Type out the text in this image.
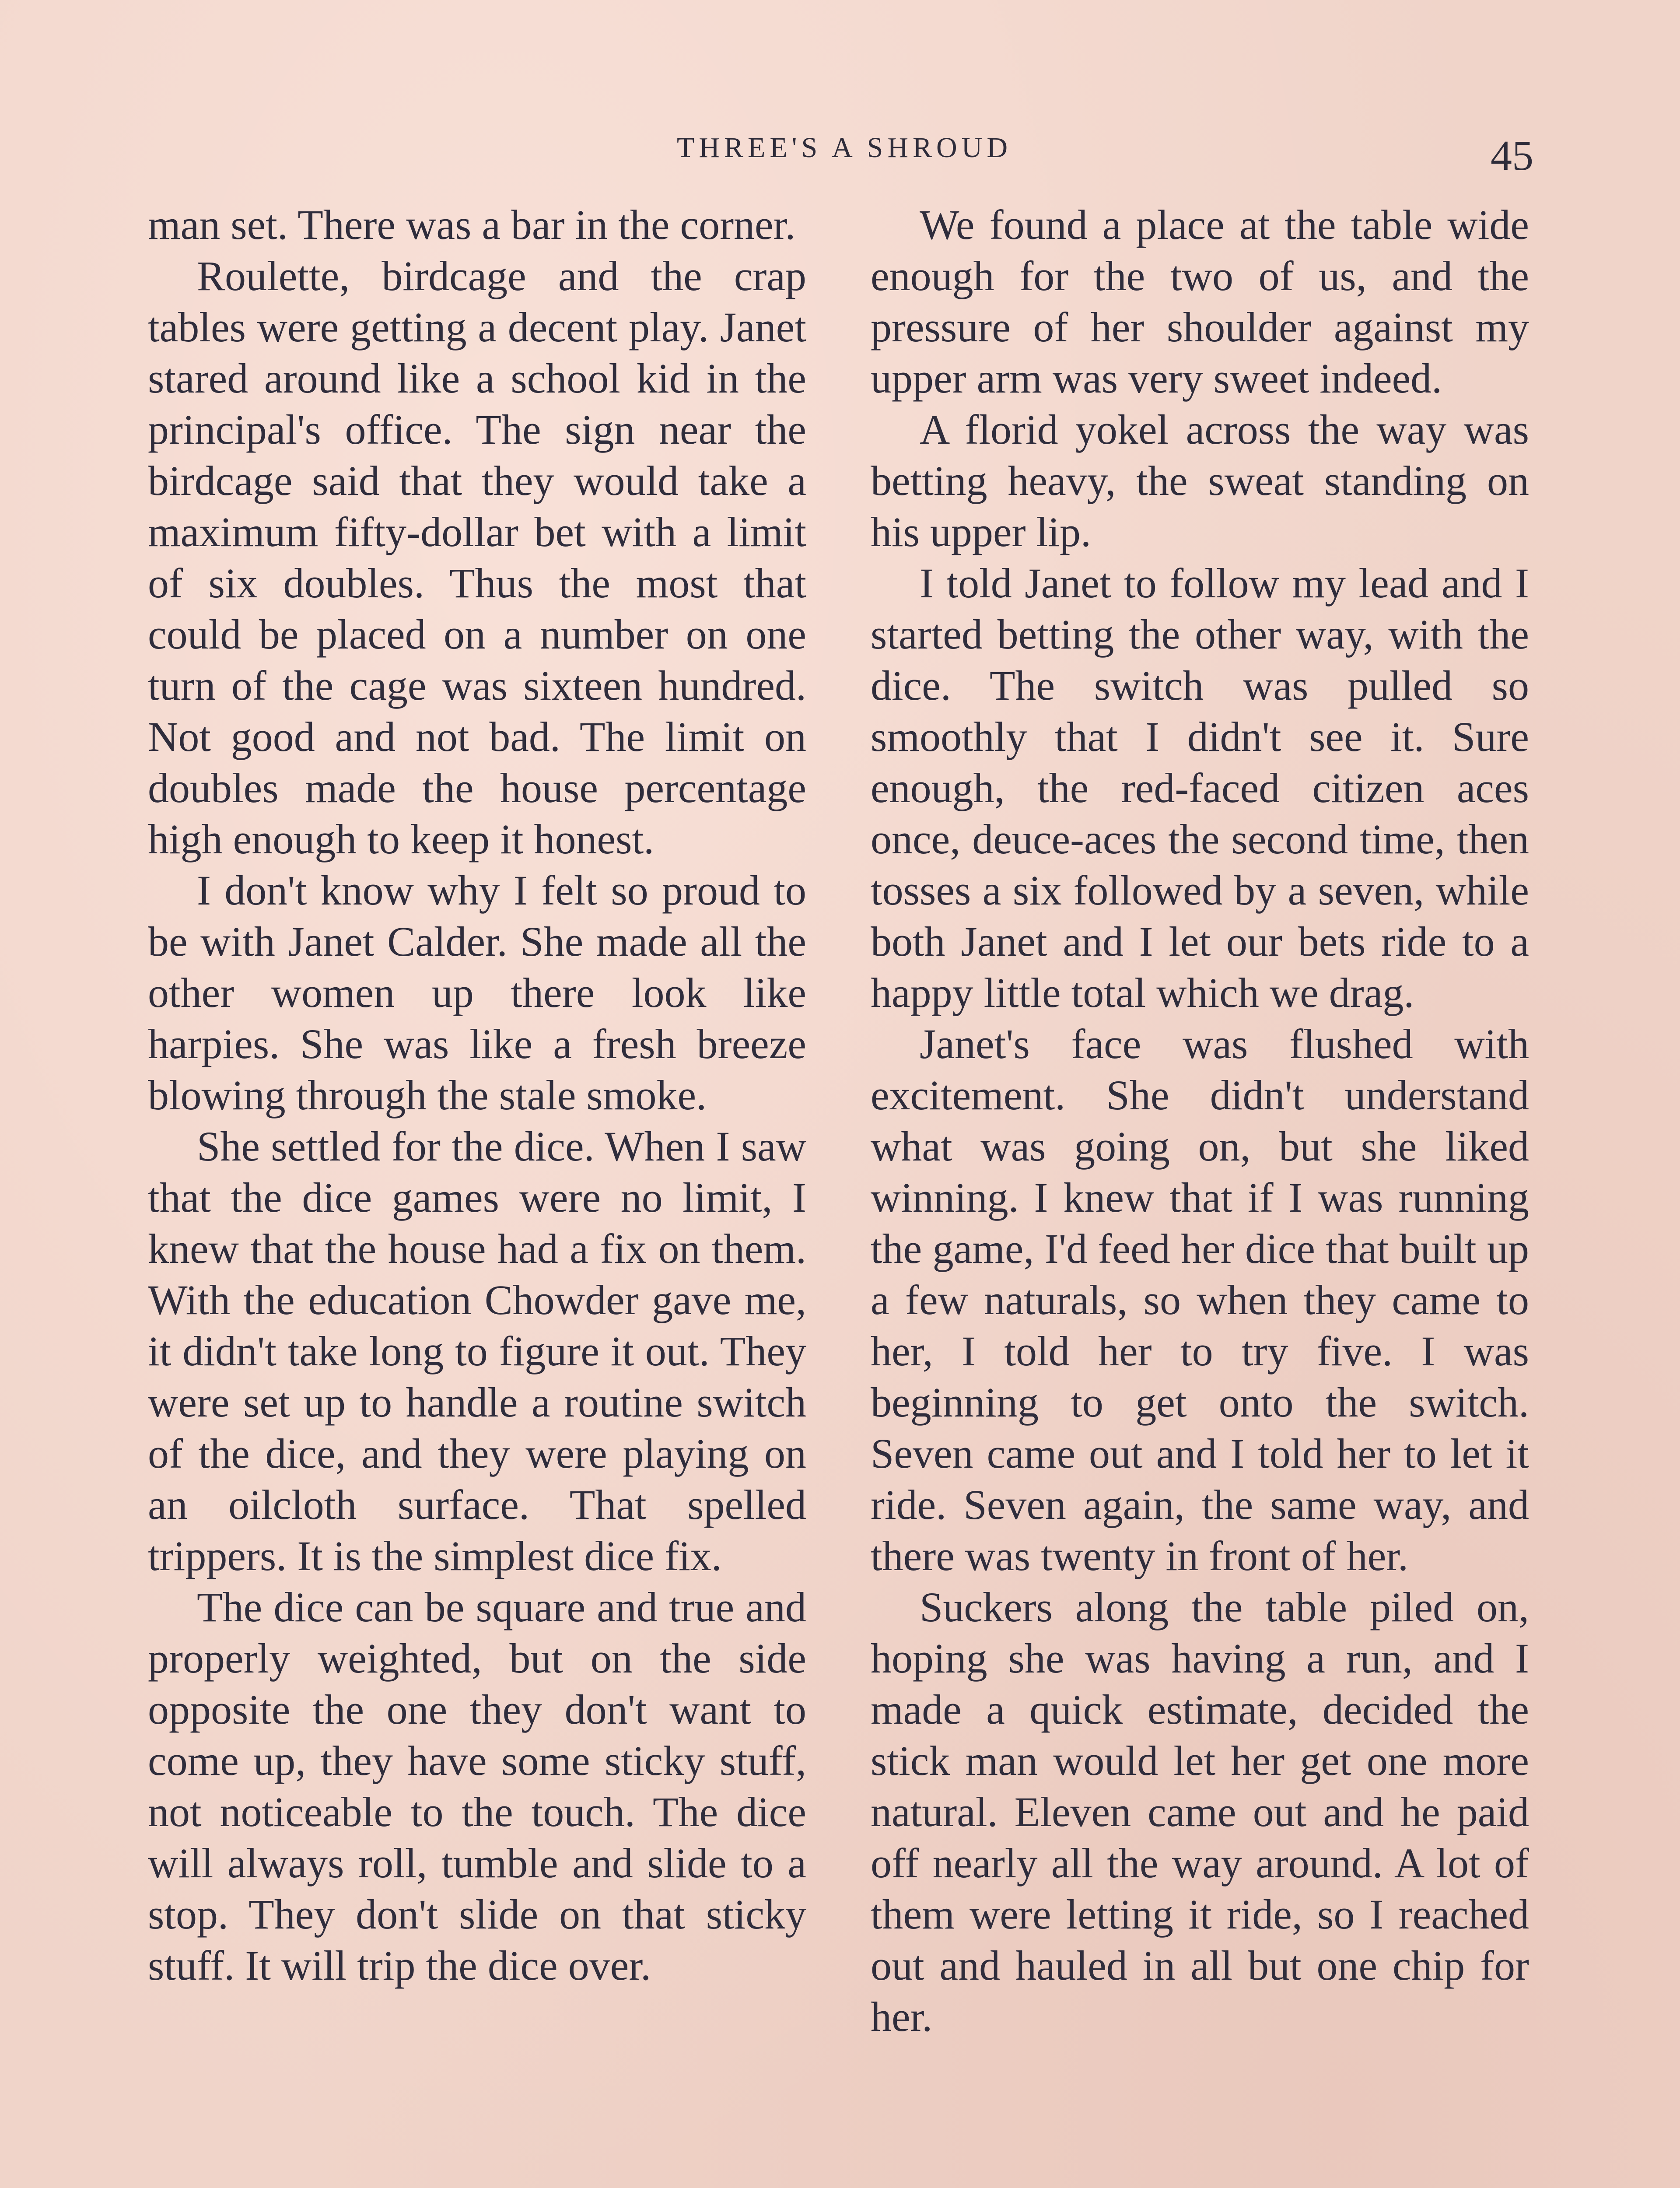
THREE'S A SHROUD	45

man set. There was a bar in the corner.

Roulette, birdcage and the crap tables were getting a decent play. Janet stared around like a school kid in the principal's office. The sign near the birdcage said that they would take a maximum fifty-dollar bet with a limit of six doubles. Thus the most that could be placed on a number on one turn of the cage was sixteen hundred. Not good and not bad. The limit on doubles made the house percentage high enough to keep it honest.

I don't know why I felt so proud to be with Janet Calder. She made all the other women up there look like harpies. She was like a fresh breeze blowing through the stale smoke.

She settled for the dice. When I saw that the dice games were no limit, I knew that the house had a fix on them. With the education Chowder gave me, it didn't take long to figure it out. They were set up to handle a routine switch of the dice, and they were playing on an oilcloth surface. That spelled trippers. It is the simplest dice fix.

The dice can be square and true and properly weighted, but on the side opposite the one they don't want to come up, they have some sticky stuff, not noticeable to the touch. The dice will always roll, tumble and slide to a stop. They don't slide on that sticky stuff. It will trip the dice over.

We found a place at the table wide enough for the two of us, and the pressure of her shoulder against my upper arm was very sweet indeed.

A florid yokel across the way was betting heavy, the sweat standing on his upper lip.

I told Janet to follow my lead and I started betting the other way, with the dice. The switch was pulled so smoothly that I didn't see it. Sure enough, the red-faced citizen aces once, deuce-aces the second time, then tosses a six followed by a seven, while both Janet and I let our bets ride to a happy little total which we drag.

Janet's face was flushed with excitement. She didn't understand what was going on, but she liked winning. I knew that if I was running the game, I'd feed her dice that built up a few naturals, so when they came to her, I told her to try five. I was beginning to get onto the switch. Seven came out and I told her to let it ride. Seven again, the same way, and there was twenty in front of her.

Suckers along the table piled on, hoping she was having a run, and I made a quick estimate, decided the stick man would let her get one more natural. Eleven came out and he paid off nearly all the way around. A lot of them were letting it ride, so I reached out and hauled in all but one chip for her.
